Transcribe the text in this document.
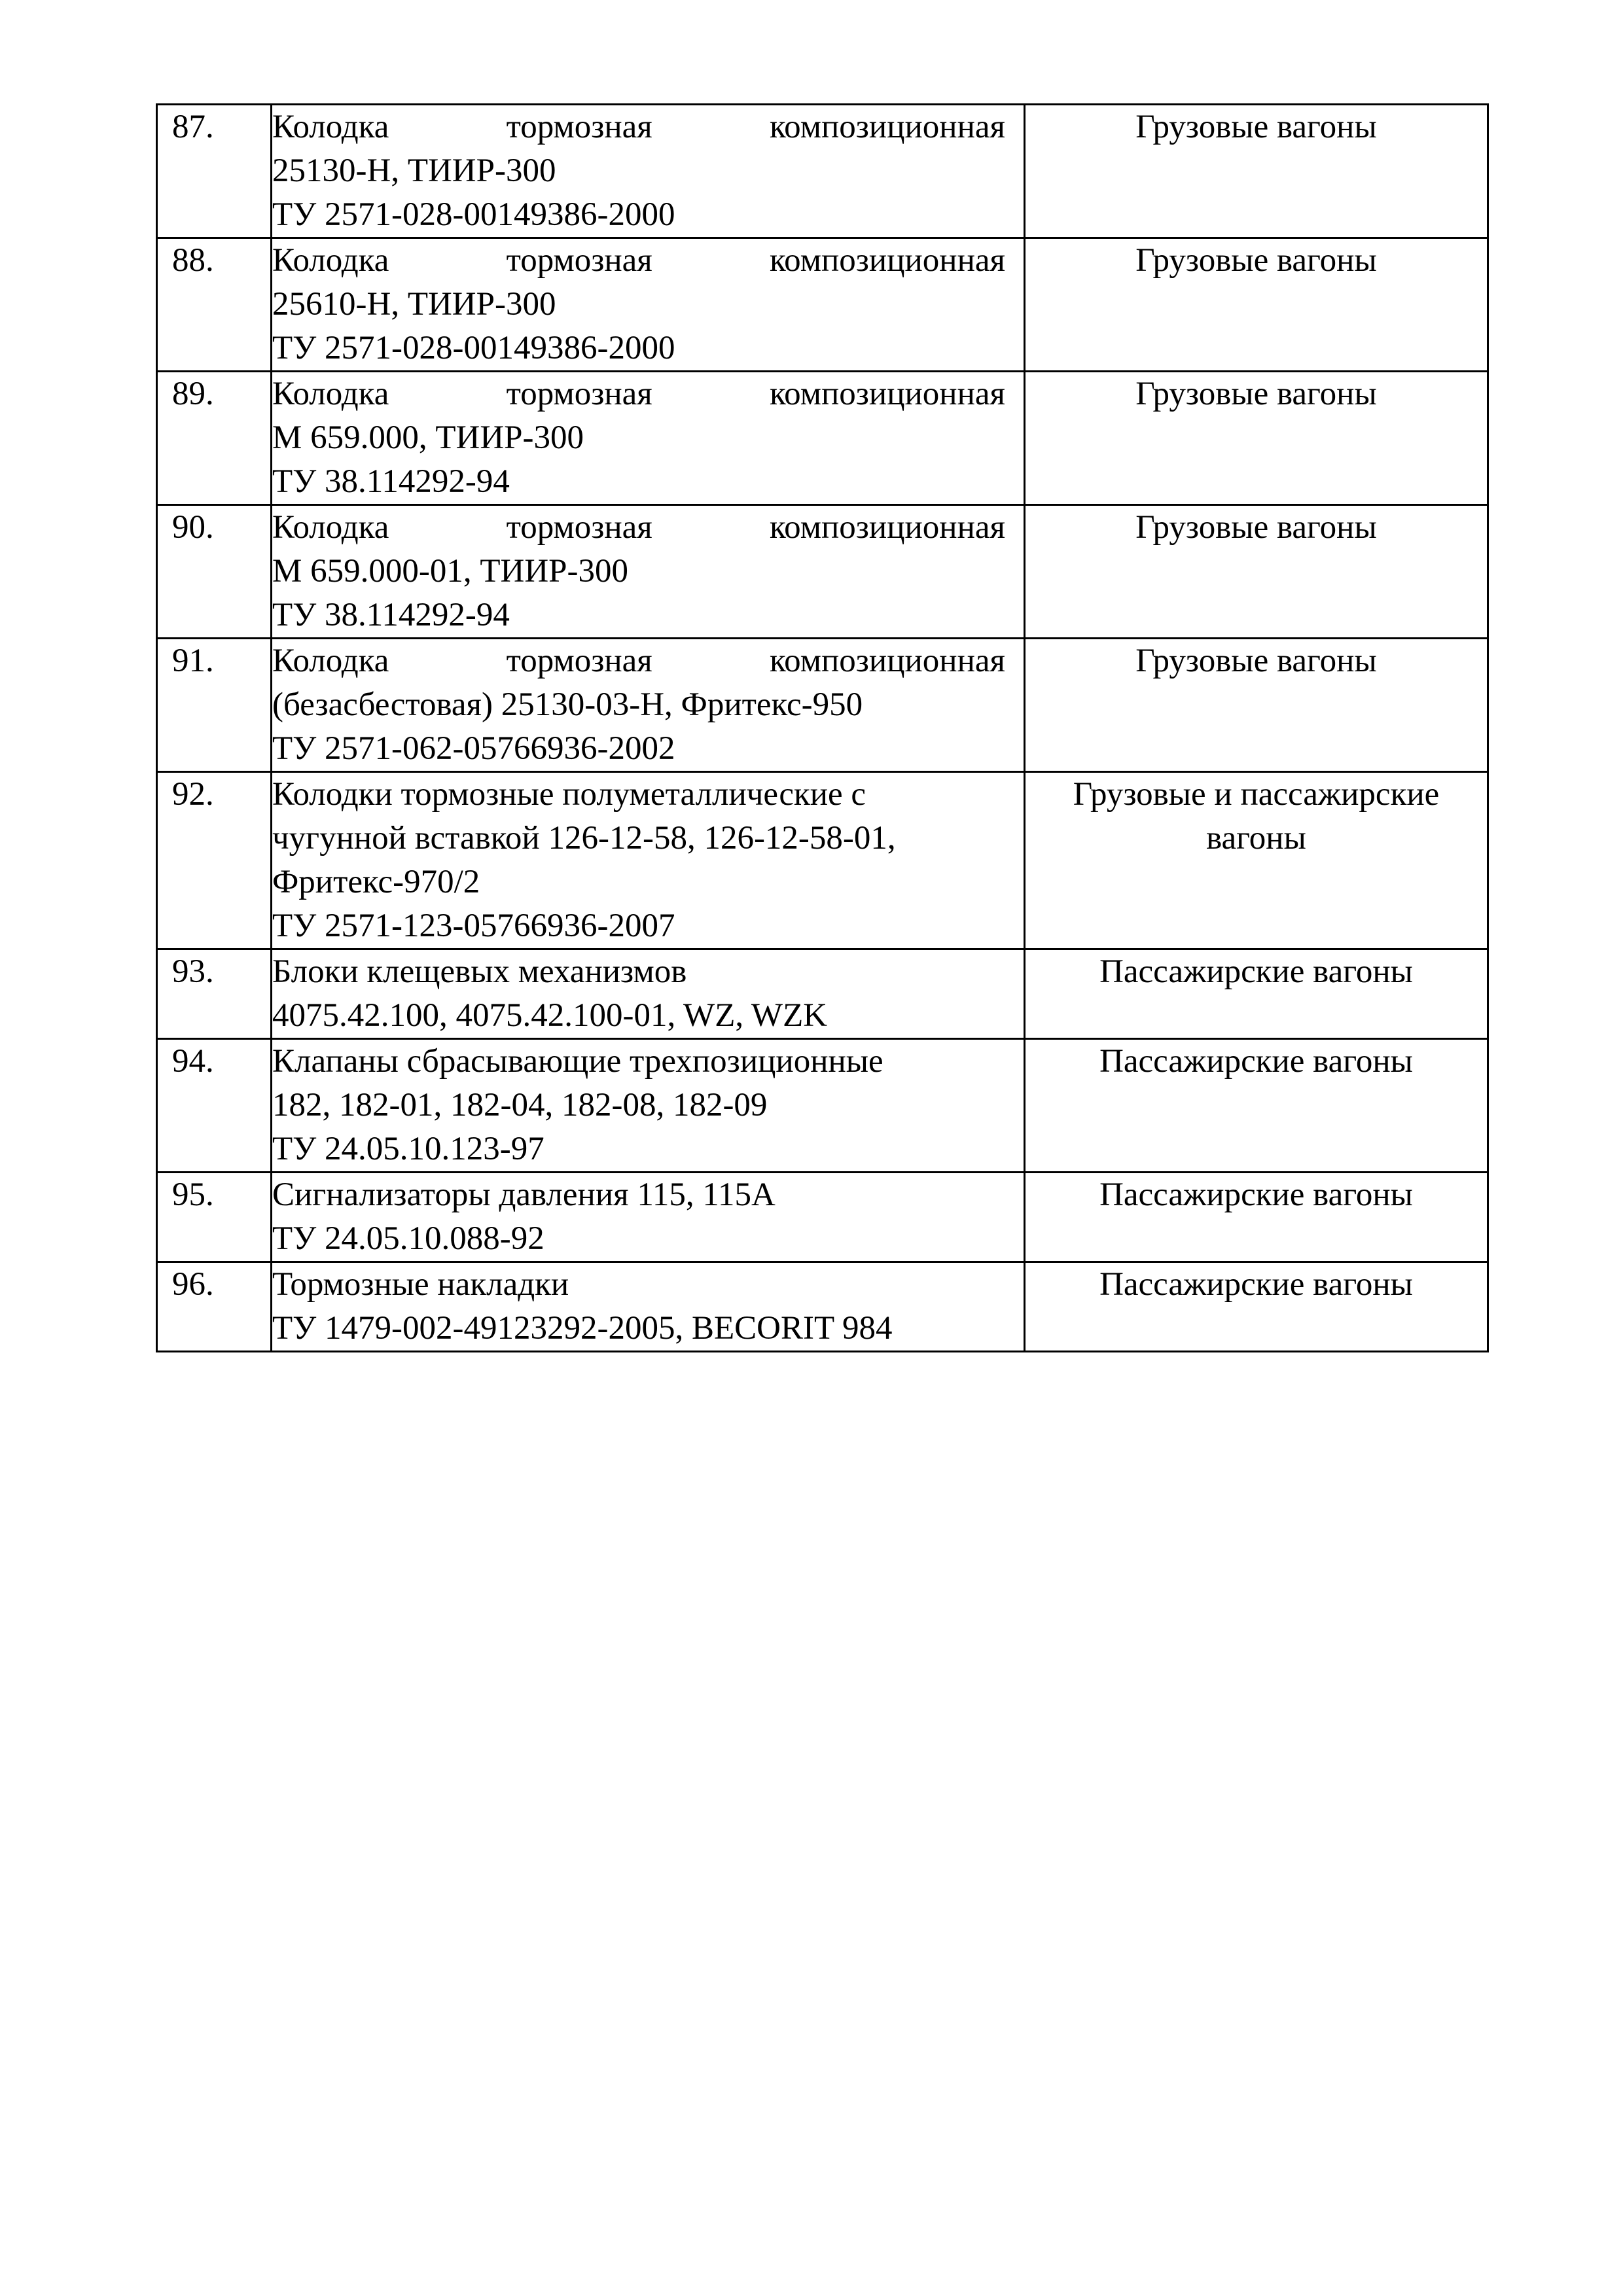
87.	Колодка тормозная композиционная
25130-Н, ТИИР-300
ТУ 2571-028-00149386-2000	Грузовые вагоны

88.	Колодка тормозная композиционная
25610-Н, ТИИР-300
ТУ 2571-028-00149386-2000	Грузовые вагоны

89.	Колодка тормозная композиционная
М 659.000, ТИИР-300
ТУ 38.114292-94	Грузовые вагоны

90.	Колодка тормозная композиционная
М 659.000-01, ТИИР-300
ТУ 38.114292-94	Грузовые вагоны

91.	Колодка тормозная композиционная
(безасбестовая) 25130-03-Н, Фритекс-950
ТУ 2571-062-05766936-2002	Грузовые вагоны

92.	Колодки тормозные полуметаллические с
чугунной вставкой 126-12-58, 126-12-58-01,
Фритекс-970/2
ТУ 2571-123-05766936-2007	Грузовые и пассажирские
вагоны

93.	Блоки клещевых механизмов
4075.42.100, 4075.42.100-01, WZ, WZK	Пассажирские вагоны

94.	Клапаны сбрасывающие трехпозиционные
182, 182-01, 182-04, 182-08, 182-09
ТУ 24.05.10.123-97	Пассажирские вагоны

95.	Сигнализаторы давления 115, 115А
ТУ 24.05.10.088-92	Пассажирские вагоны

96.	Тормозные накладки
ТУ 1479-002-49123292-2005, BECORIT 984	Пассажирские вагоны
